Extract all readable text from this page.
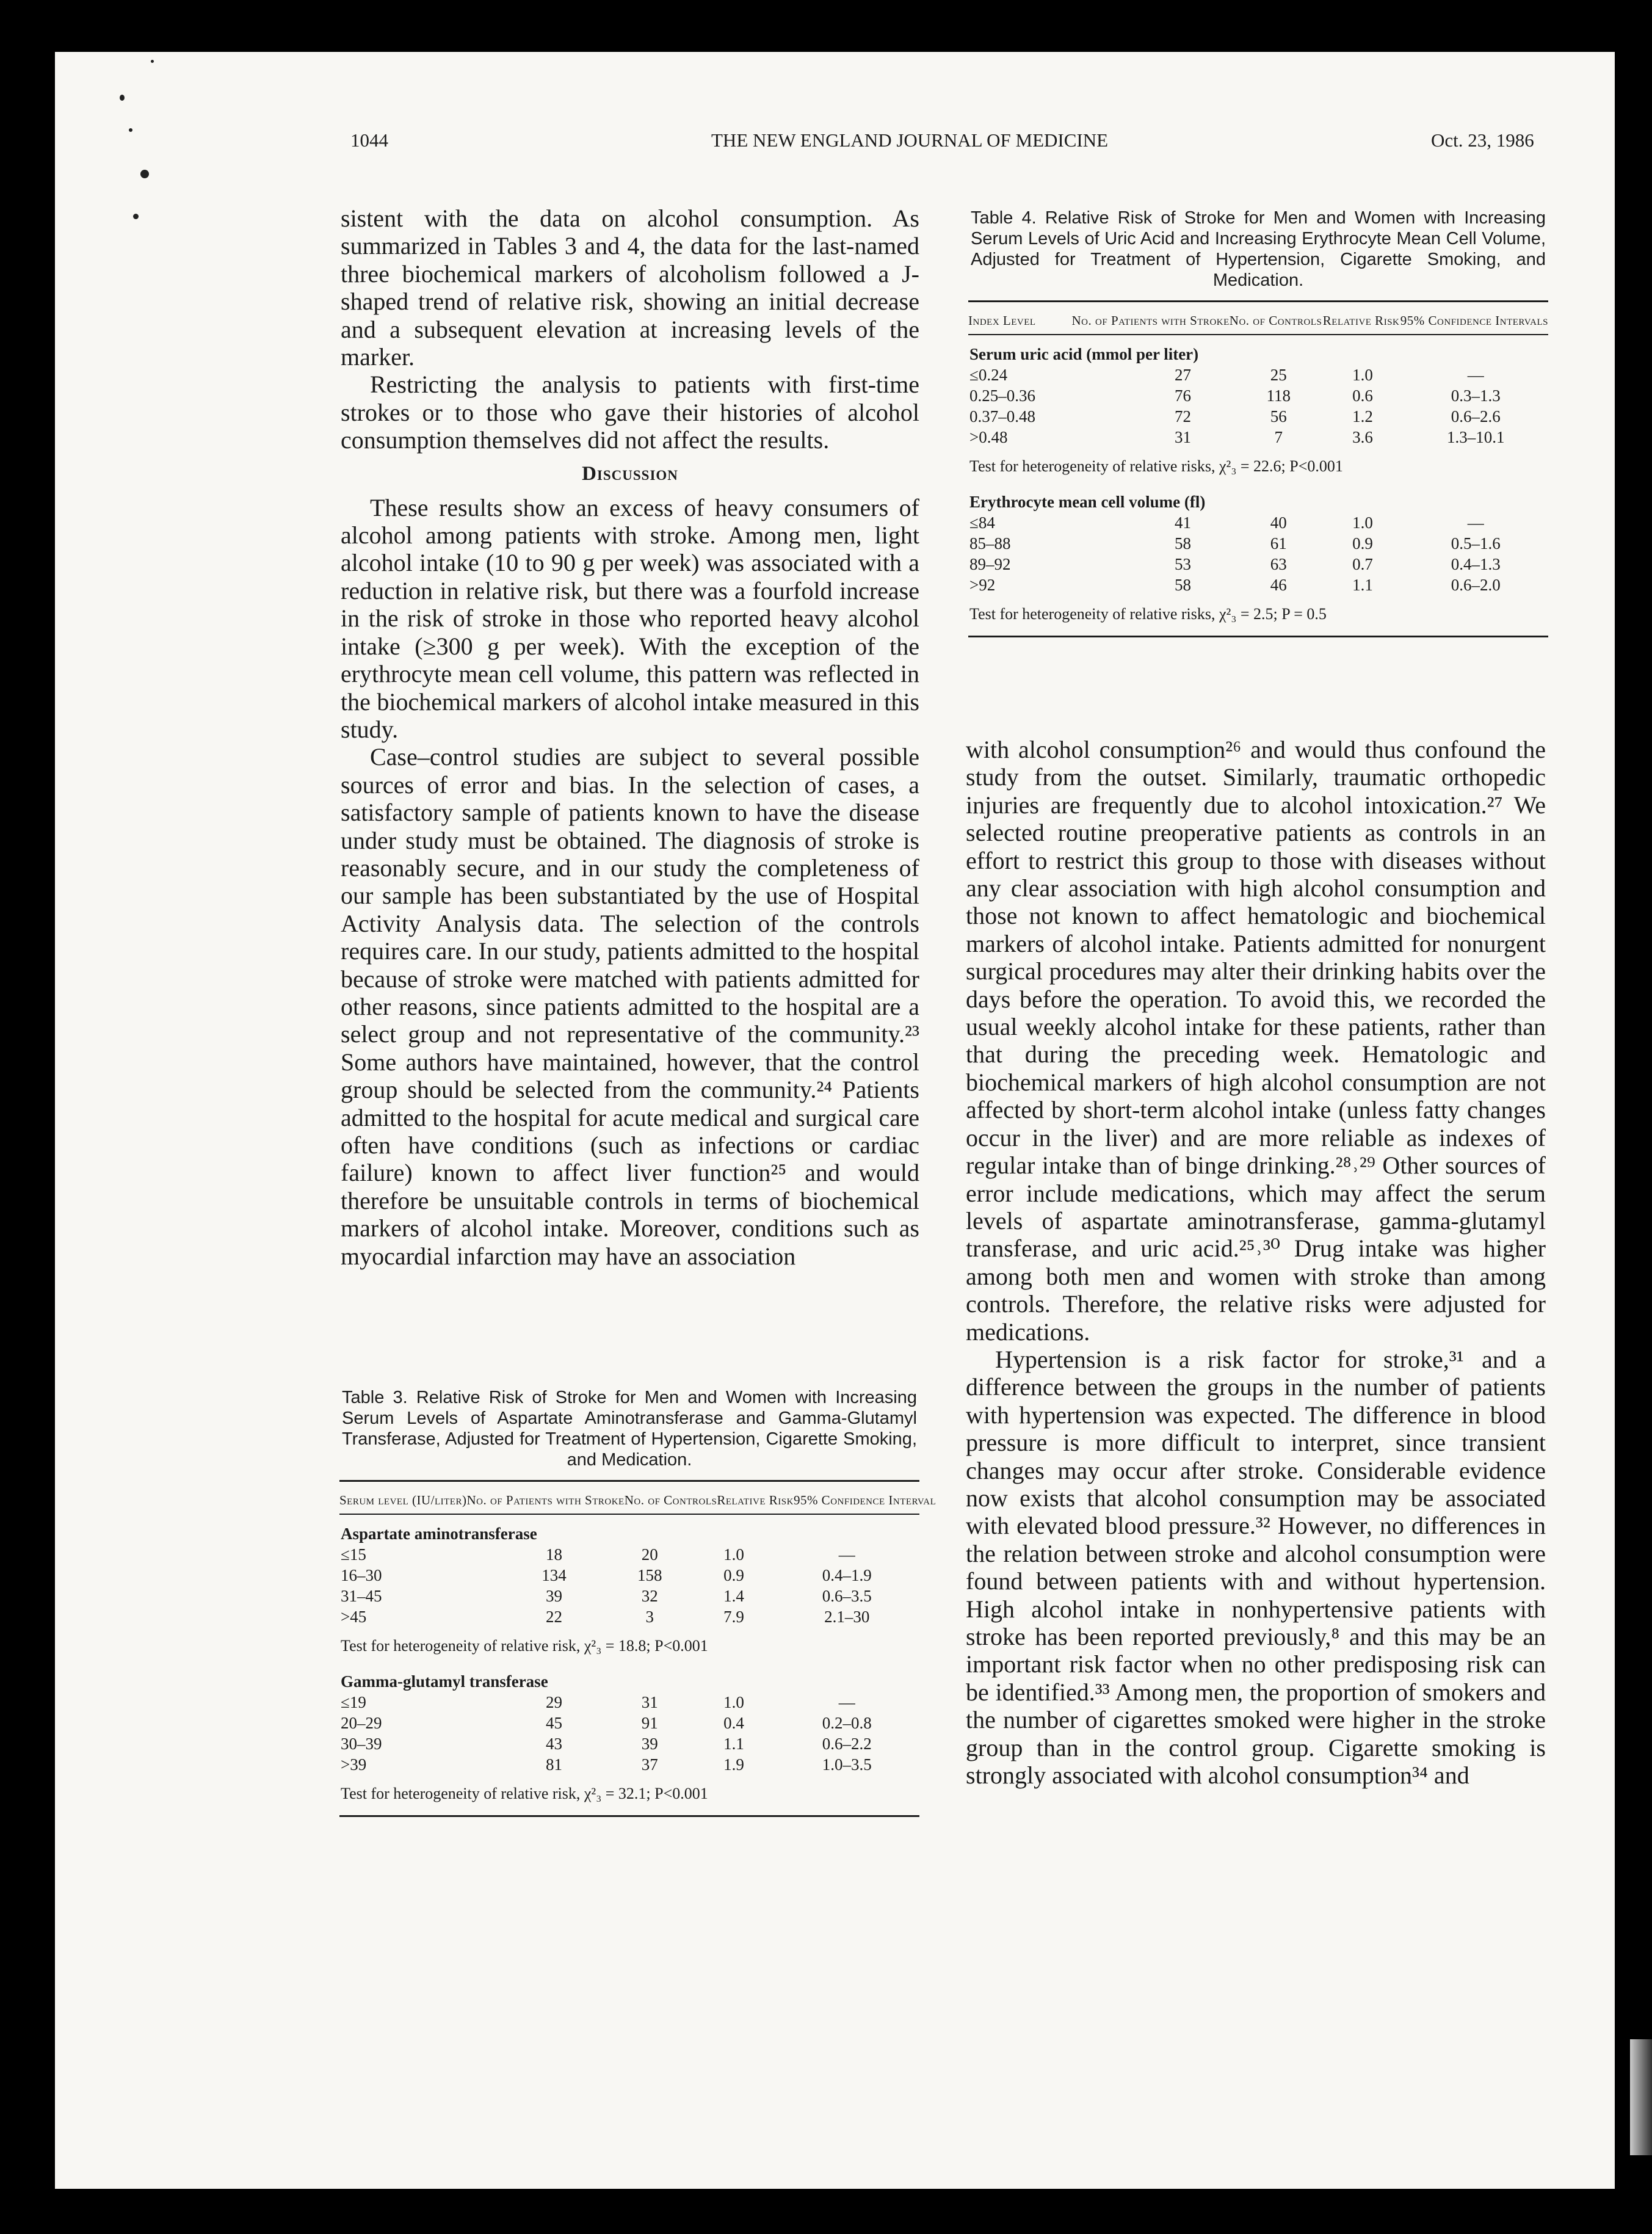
1044	THE NEW ENGLAND JOURNAL OF MEDICINE	Oct. 23, 1986

sistent with the data on alcohol consumption. As summarized in Tables 3 and 4, the data for the last-named three biochemical markers of alcoholism followed a J-shaped trend of relative risk, showing an initial decrease and a subsequent elevation at increasing levels of the marker.

Restricting the analysis to patients with first-time strokes or to those who gave their histories of alcohol consumption themselves did not affect the results.

Discussion

These results show an excess of heavy consumers of alcohol among patients with stroke. Among men, light alcohol intake (10 to 90 g per week) was associated with a reduction in relative risk, but there was a fourfold increase in the risk of stroke in those who reported heavy alcohol intake (≥300 g per week). With the exception of the erythrocyte mean cell volume, this pattern was reflected in the biochemical markers of alcohol intake measured in this study.

Case–control studies are subject to several possible sources of error and bias. In the selection of cases, a satisfactory sample of patients known to have the disease under study must be obtained. The diagnosis of stroke is reasonably secure, and in our study the completeness of our sample has been substantiated by the use of Hospital Activity Analysis data. The selection of the controls requires care. In our study, patients admitted to the hospital because of stroke were matched with patients admitted for other reasons, since patients admitted to the hospital are a select group and not representative of the community.²³ Some authors have maintained, however, that the control group should be selected from the community.²⁴ Patients admitted to the hospital for acute medical and surgical care often have conditions (such as infections or cardiac failure) known to affect liver function²⁵ and would therefore be unsuitable controls in terms of biochemical markers of alcohol intake. Moreover, conditions such as myocardial infarction may have an association

Table 4. Relative Risk of Stroke for Men and Women with Increasing Serum Levels of Uric Acid and Increasing Erythrocyte Mean Cell Volume, Adjusted for Treatment of Hypertension, Cigarette Smoking, and Medication.
Index Level	No. of Patients with Stroke	No. of Controls	Relative Risk	95% Confidence Intervals
Serum uric acid (mmol per liter)				
≤0.24	27	25	1.0	—
0.25–0.36	76	118	0.6	0.3–1.3
0.37–0.48	72	56	1.2	0.6–2.6
>0.48	31	7	3.6	1.3–10.1
Test for heterogeneity of relative risks, χ²₃ = 22.6; P<0.001				
Erythrocyte mean cell volume (fl)				
≤84	41	40	1.0	—
85–88	58	61	0.9	0.5–1.6
89–92	53	63	0.7	0.4–1.3
>92	58	46	1.1	0.6–2.0
Test for heterogeneity of relative risks, χ²₃ = 2.5; P = 0.5				

with alcohol consumption²⁶ and would thus confound the study from the outset. Similarly, traumatic orthopedic injuries are frequently due to alcohol intoxication.²⁷ We selected routine preoperative patients as controls in an effort to restrict this group to those with diseases without any clear association with high alcohol consumption and those not known to affect hematologic and biochemical markers of alcohol intake. Patients admitted for nonurgent surgical procedures may alter their drinking habits over the days before the operation. To avoid this, we recorded the usual weekly alcohol intake for these patients, rather than that during the preceding week. Hematologic and biochemical markers of high alcohol consumption are not affected by short-term alcohol intake (unless fatty changes occur in the liver) and are more reliable as indexes of regular intake than of binge drinking.²⁸˒²⁹ Other sources of error include medications, which may affect the serum levels of aspartate aminotransferase, gamma-glutamyl transferase, and uric acid.²⁵˒³⁰ Drug intake was higher among both men and women with stroke than among controls. Therefore, the relative risks were adjusted for medications.

Hypertension is a risk factor for stroke,³¹ and a difference between the groups in the number of patients with hypertension was expected. The difference in blood pressure is more difficult to interpret, since transient changes may occur after stroke. Considerable evidence now exists that alcohol consumption may be associated with elevated blood pressure.³² However, no differences in the relation between stroke and alcohol consumption were found between patients with and without hypertension. High alcohol intake in nonhypertensive patients with stroke has been reported previously,⁸ and this may be an important risk factor when no other predisposing risk can be identified.³³ Among men, the proportion of smokers and the number of cigarettes smoked were higher in the stroke group than in the control group. Cigarette smoking is strongly associated with alcohol consumption³⁴ and

Table 3. Relative Risk of Stroke for Men and Women with Increasing Serum Levels of Aspartate Aminotransferase and Gamma-Glutamyl Transferase, Adjusted for Treatment of Hypertension, Cigarette Smoking, and Medication.
Serum level (IU/liter)	No. of Patients with Stroke	No. of Controls	Relative Risk	95% Confidence Interval
Aspartate aminotransferase				
≤15	18	20	1.0	—
16–30	134	158	0.9	0.4–1.9
31–45	39	32	1.4	0.6–3.5
>45	22	3	7.9	2.1–30
Test for heterogeneity of relative risk, χ²₃ = 18.8; P<0.001				
Gamma-glutamyl transferase				
≤19	29	31	1.0	—
20–29	45	91	0.4	0.2–0.8
30–39	43	39	1.1	0.6–2.2
>39	81	37	1.9	1.0–3.5
Test for heterogeneity of relative risk, χ²₃ = 32.1; P<0.001				
